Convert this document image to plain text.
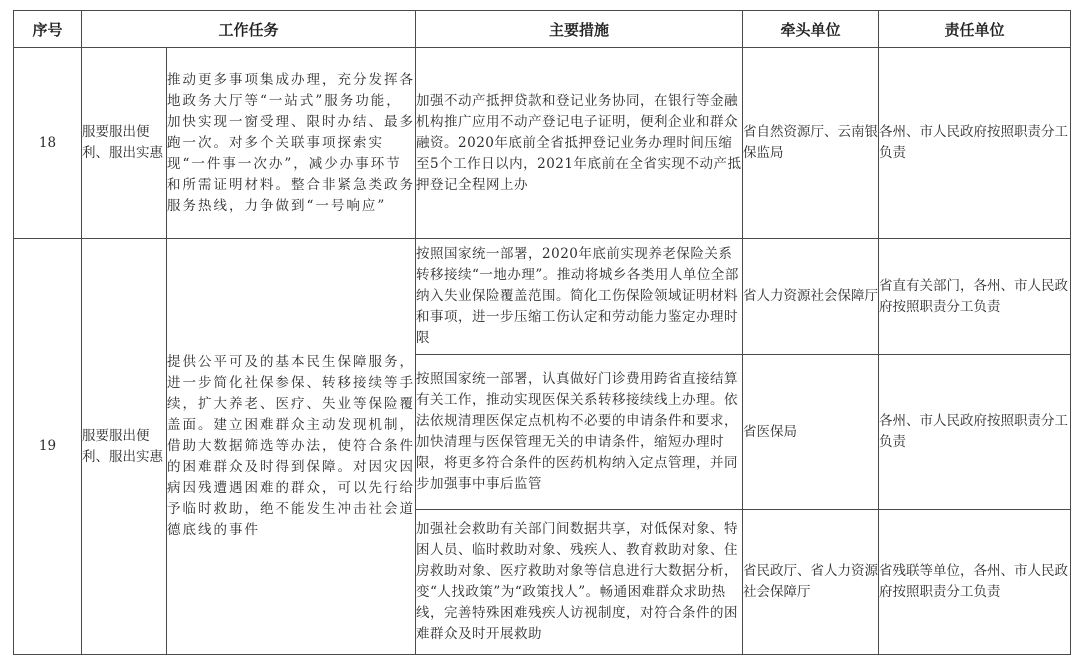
序号	工作任务		主要措施	牵头单位	责任单位
18	服要服出便利、服出实惠	推动更多事项集成办理，充分发挥各地政务大厅等“一站式”服务功能，加快实现一窗受理、限时办结、最多跑一次。对多个关联事项探索实现“一件事一次办”，减少办事环节和所需证明材料。整合非紧急类政务服务热线，力争做到“一号响应”	加强不动产抵押贷款和登记业务协同，在银行等金融机构推广应用不动产登记电子证明，便利企业和群众融资。2020年底前全省抵押登记业务办理时间压缩至5个工作日以内，2021年底前在全省实现不动产抵押登记全程网上办	省自然资源厅、云南银保监局	各州、市人民政府按照职责分工负责
19	服要服出便利、服出实惠	提供公平可及的基本民生保障服务，进一步简化社保参保、转移接续等手续，扩大养老、医疗、失业等保险覆盖面。建立困难群众主动发现机制，借助大数据筛选等办法，使符合条件的困难群众及时得到保障。对因灾因病因残遭遇困难的群众，可以先行给予临时救助，绝不能发生冲击社会道德底线的事件	按照国家统一部署，2020年底前实现养老保险关系转移接续“一地办理”。推动将城乡各类用人单位全部纳入失业保险覆盖范围。简化工伤保险领域证明材料和事项，进一步压缩工伤认定和劳动能力鉴定办理时限	省人力资源社会保障厅	省直有关部门，各州、市人民政府按照职责分工负责
			按照国家统一部署，认真做好门诊费用跨省直接结算有关工作，推动实现医保关系转移接续线上办理。依法依规清理医保定点机构不必要的申请条件和要求，加快清理与医保管理无关的申请条件，缩短办理时限，将更多符合条件的医药机构纳入定点管理，并同步加强事中事后监管	省医保局	各州、市人民政府按照职责分工负责
			加强社会救助有关部门间数据共享，对低保对象、特困人员、临时救助对象、残疾人、教育救助对象、住房救助对象、医疗救助对象等信息进行大数据分析，变“人找政策”为“政策找人”。畅通困难群众求助热线，完善特殊困难残疾人访视制度，对符合条件的困难群众及时开展救助	省民政厅、省人力资源社会保障厅	省残联等单位，各州、市人民政府按照职责分工负责
